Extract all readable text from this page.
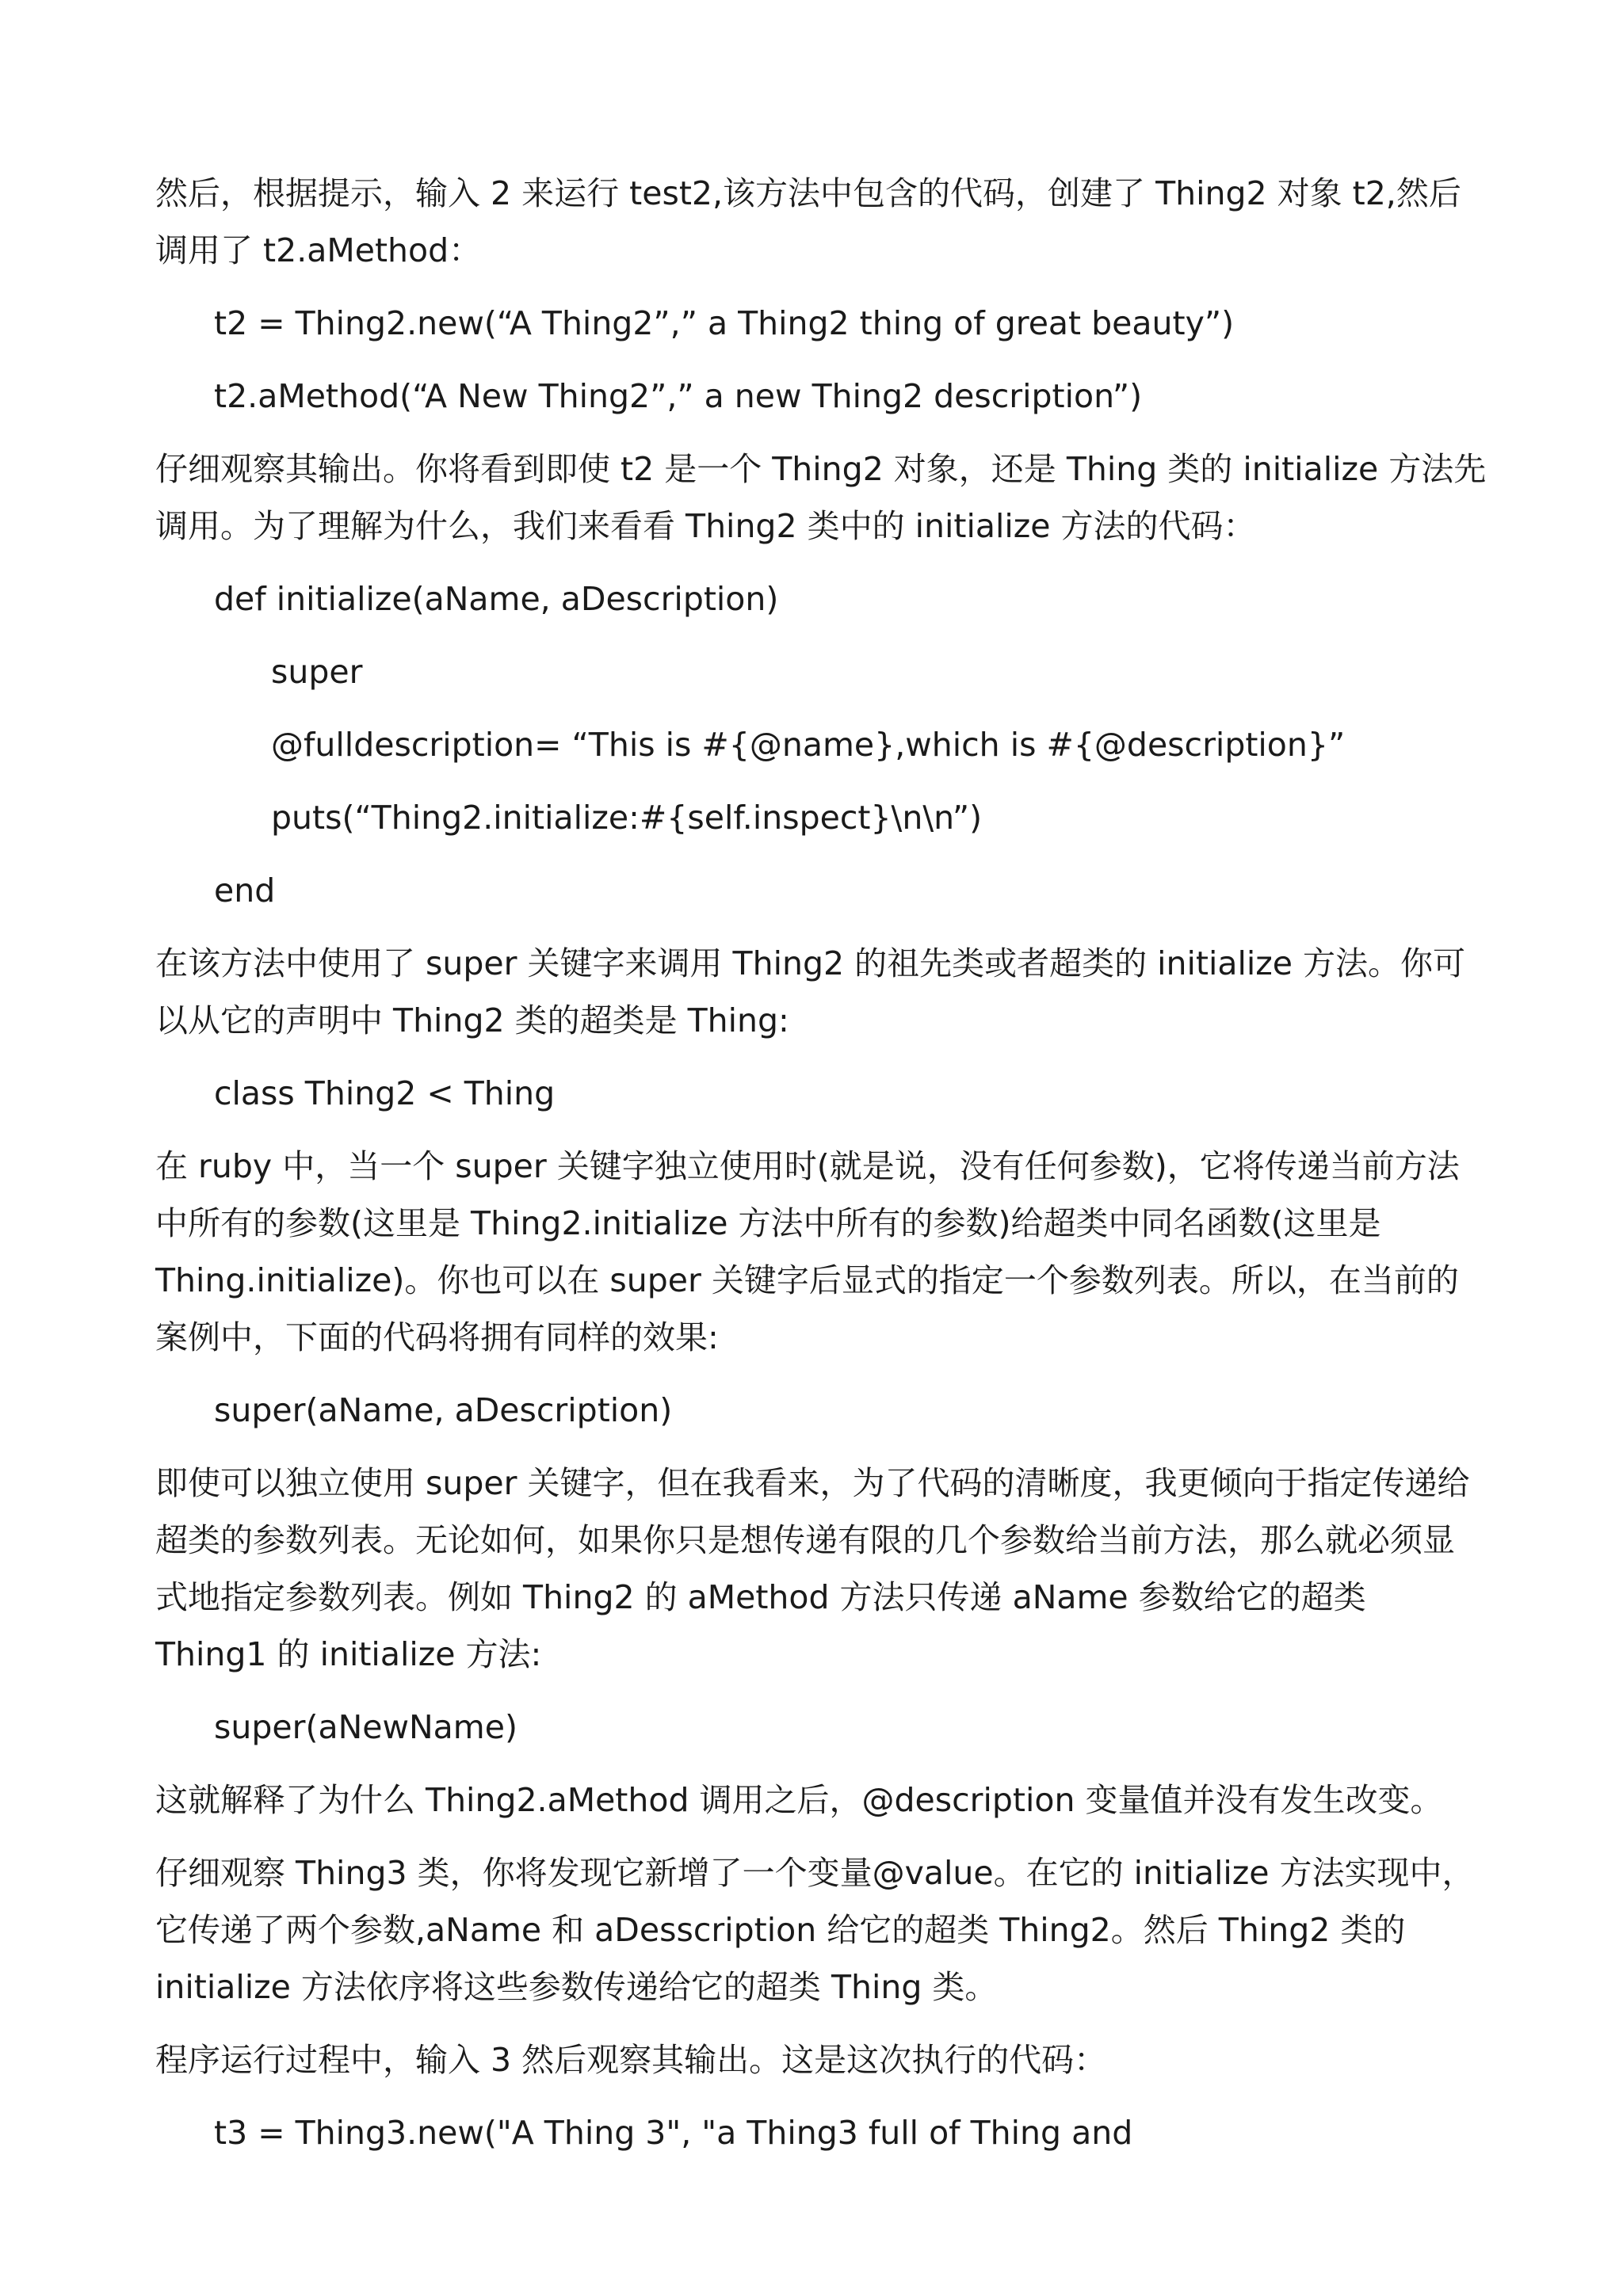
然后，根据提示，输入 2 来运行 test2,该方法中包含的代码，创建了 Thing2 对象 t2,然后调用了 t2.aMethod：

t2 = Thing2.new(“A Thing2”,” a Thing2 thing of great beauty”)
t2.aMethod(“A New Thing2”,” a new Thing2 description”)

仔细观察其输出。你将看到即使 t2 是一个 Thing2 对象，还是 Thing 类的 initialize 方法先调用。为了理解为什么，我们来看看 Thing2 类中的 initialize 方法的代码：

def initialize(aName, aDescription)
super
@fulldescription= “This is #{@name},which is #{@description}”
puts(“Thing2.initialize:#{self.inspect}\n\n”)
end

在该方法中使用了 super 关键字来调用 Thing2 的祖先类或者超类的 initialize 方法。你可以从它的声明中 Thing2 类的超类是 Thing:

class Thing2 < Thing

在 ruby 中，当一个 super 关键字独立使用时(就是说，没有任何参数)，它将传递当前方法中所有的参数(这里是 Thing2.initialize 方法中所有的参数)给超类中同名函数(这里是 Thing.initialize)。你也可以在 super 关键字后显式的指定一个参数列表。所以，在当前的案例中，下面的代码将拥有同样的效果:

super(aName, aDescription)

即使可以独立使用 super 关键字，但在我看来，为了代码的清晰度，我更倾向于指定传递给超类的参数列表。无论如何，如果你只是想传递有限的几个参数给当前方法，那么就必须显式地指定参数列表。例如 Thing2 的 aMethod 方法只传递 aName 参数给它的超类 Thing1 的 initialize 方法:

super(aNewName)

这就解释了为什么 Thing2.aMethod 调用之后，@description 变量值并没有发生改变。

仔细观察 Thing3 类，你将发现它新增了一个变量@value。在它的 initialize 方法实现中，它传递了两个参数,aName 和 aDesscription 给它的超类 Thing2。然后 Thing2 类的 initialize 方法依序将这些参数传递给它的超类 Thing 类。

程序运行过程中，输入 3 然后观察其输出。这是这次执行的代码：

t3 = Thing3.new("A Thing 3", "a Thing3 full of Thing and
